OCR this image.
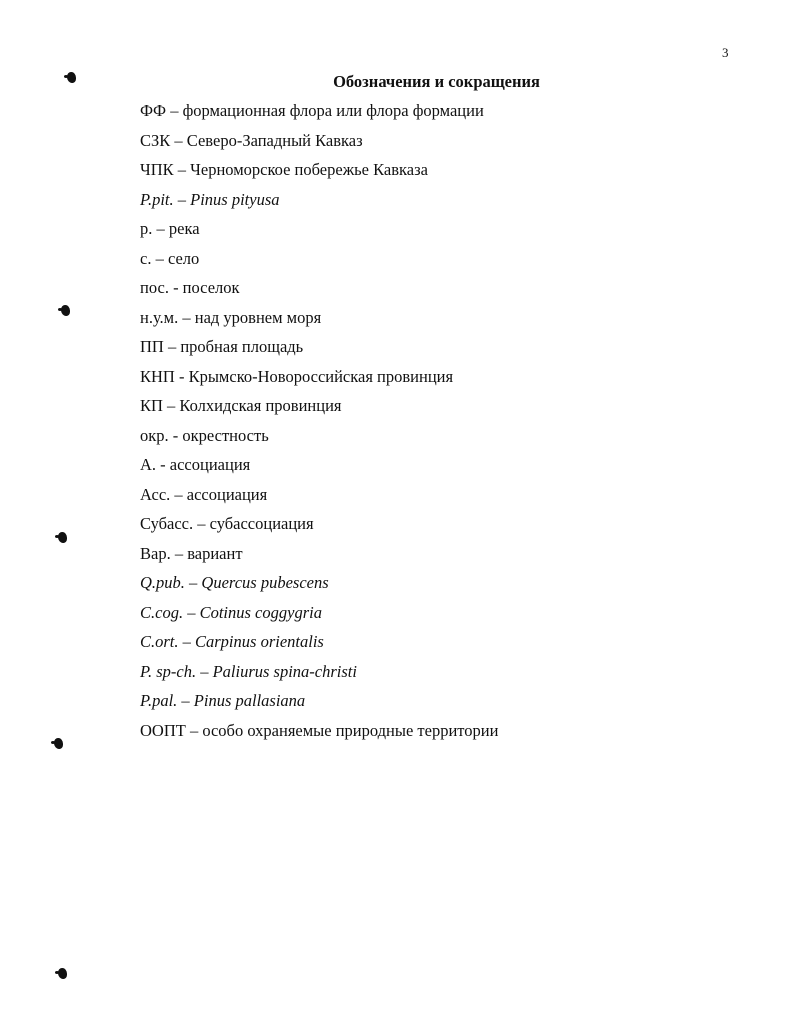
3
Обозначения и сокращения
ФФ – формационная флора или флора формации
СЗК – Северо-Западный Кавказ
ЧПК – Черноморское побережье Кавказа
P.pit. – Pinus pityusa
р. – река
с. – село
пос. - поселок
н.у.м. – над уровнем моря
ПП – пробная площадь
КНП - Крымско-Новороссийская провинция
КП – Колхидская провинция
окр. - окрестность
А. - ассоциация
Асс. – ассоциация
Субасс. – субассоциация
Вар. – вариант
Q.pub. – Quercus pubescens
C.cog. – Cotinus coggygria
C.ort. – Carpinus orientalis
P. sp-ch. – Paliurus spina-christi
P.pal. – Pinus pallasiana
ООПТ – особо охраняемые природные территории
